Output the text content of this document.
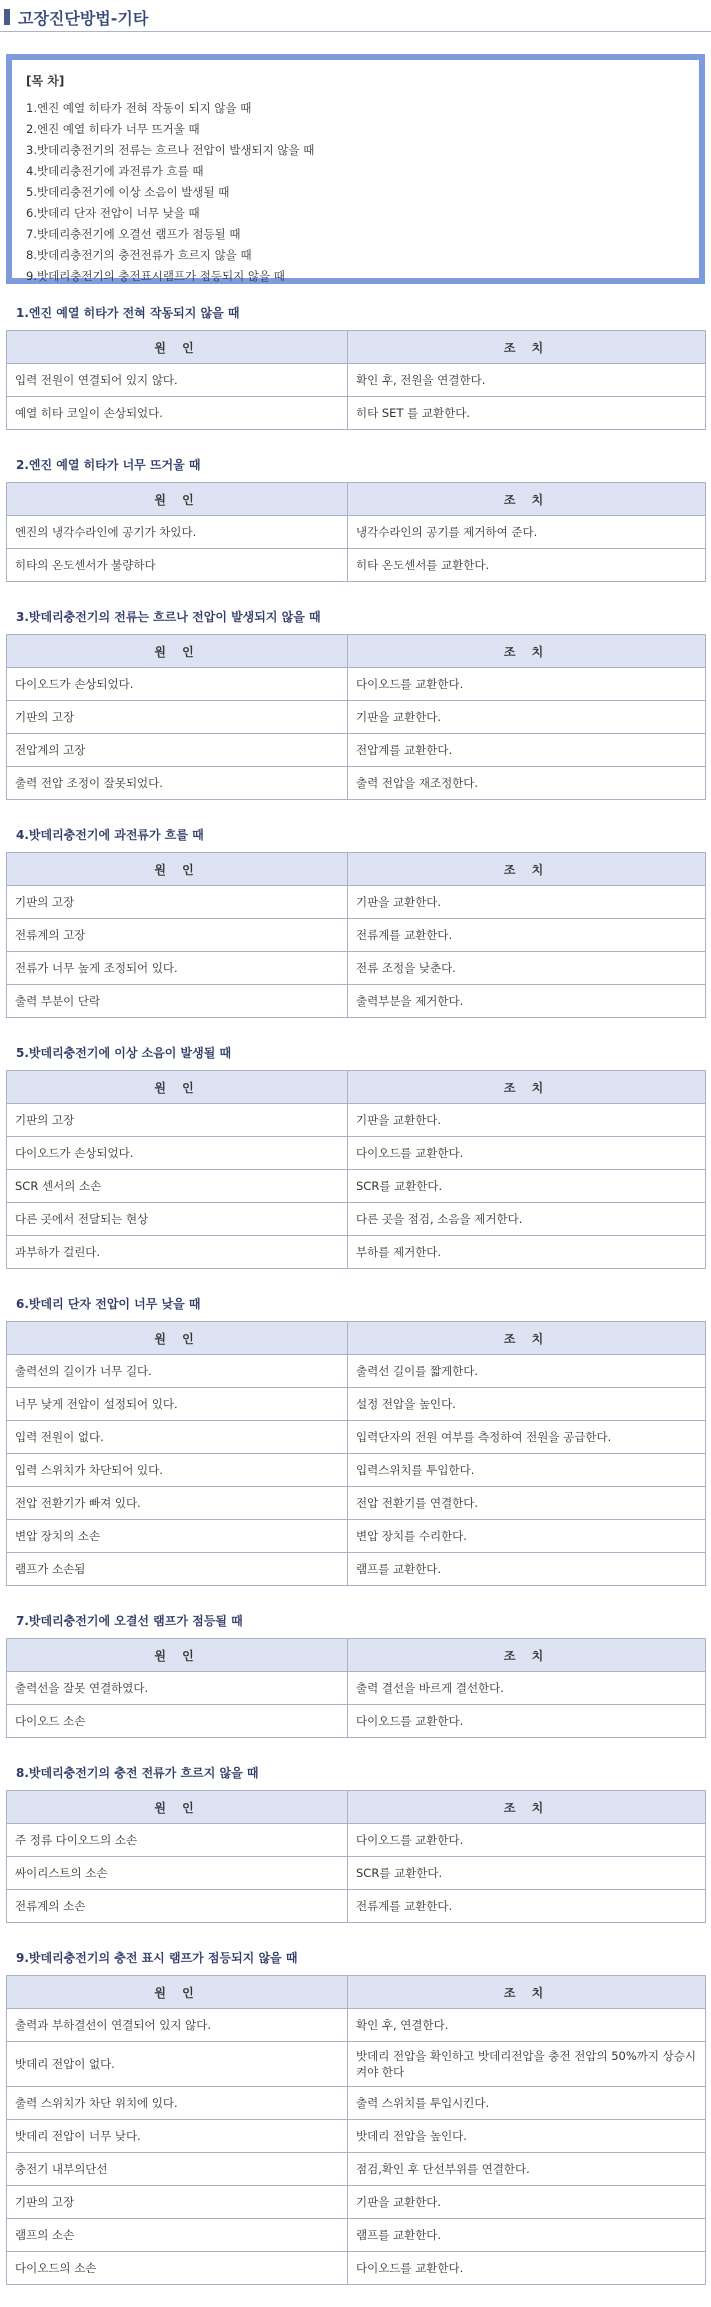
고장진단방법-기타
[목 차]
1.엔진 예열 히타가 전혀 작동이 되지 않을 때
2.엔진 예열 히타가 너무 뜨거울 때
3.밧데리충전기의 전류는 흐르나 전압이 발생되지 않을 때
4.밧데리충전기에 과전류가 흐를 때
5.밧데리충전기에 이상 소음이 발생될 때
6.밧데리 단자 전압이 너무 낮을 때
7.밧데리충전기에 오결선 램프가 점등될 때
8.밧데리충전기의 충전전류가 흐르지 않을 때
9.밧데리충전기의 충전표시램프가 점등되지 않을 때
1.엔진 예열 히타가 전혀 작동되지 않을 때
원 인	조 치
입력 전원이 연결되어 있지 않다.	확인 후, 전원을 연결한다.
예열 히타 코일이 손상되었다.	히타 SET 를 교환한다.
2.엔진 예열 히타가 너무 뜨거울 때
원 인	조 치
엔진의 냉각수라인에 공기가 차있다.	냉각수라인의 공기를 제거하여 준다.
히타의 온도센서가 불량하다	히타 온도센서를 교환한다.
3.밧데리충전기의 전류는 흐르나 전압이 발생되지 않을 때
원 인	조 치
다이오드가 손상되었다.	다이오드를 교환한다.
기판의 고장	기판을 교환한다.
전압계의 고장	전압계를 교환한다.
출력 전압 조정이 잘못되었다.	출력 전압을 재조정한다.
4.밧데리충전기에 과전류가 흐를 때
원 인	조 치
기판의 고장	기판을 교환한다.
전류계의 고장	전류계를 교환한다.
전류가 너무 높게 조정되어 있다.	전류 조정을 낮춘다.
출력 부분이 단락	출력부분을 제거한다.
5.밧데리충전기에 이상 소음이 발생될 때
원 인	조 치
기판의 고장	기판을 교환한다.
다이오드가 손상되었다.	다이오드를 교환한다.
SCR 센서의 소손	SCR를 교환한다.
다른 곳에서 전달되는 현상	다른 곳을 점검, 소음을 제거한다.
과부하가 걸린다.	부하를 제거한다.
6.밧데리 단자 전압이 너무 낮을 때
원 인	조 치
출력선의 길이가 너무 길다.	출력선 길이를 짧게한다.
너무 낮게 전압이 설정되어 있다.	설정 전압을 높인다.
입력 전원이 없다.	입력단자의 전원 여부를 측정하여 전원을 공급한다.
입력 스위치가 차단되어 있다.	입력스위치를 투입한다.
전압 전환기가 빠져 있다.	전압 전환기를 연결한다.
변압 장치의 소손	변압 장치를 수리한다.
램프가 소손됨	램프를 교환한다.
7.밧데리충전기에 오결선 램프가 점등될 때
원 인	조 치
출력선을 잘못 연결하였다.	출력 결선을 바르게 결선한다.
다이오드 소손	다이오드를 교환한다.
8.밧데리충전기의 충전 전류가 흐르지 않을 때
원 인	조 치
주 정류 다이오드의 소손	다이오드를 교환한다.
싸이리스트의 소손	SCR를 교환한다.
전류계의 소손	전류계를 교환한다.
9.밧데리충전기의 충전 표시 램프가 점등되지 않을 때
원 인	조 치
출력과 부하결선이 연결되어 있지 않다.	확인 후, 연결한다.
밧데리 전압이 없다.	밧데리 전압을 확인하고 밧데리전압을 충전 전압의 50%까지 상승시켜야 한다
출력 스위치가 차단 위치에 있다.	출력 스위치를 투입시킨다.
밧데리 전압이 너무 낮다.	밧데리 전압을 높인다.
충전기 내부의단선	점검,확인 후 단선부위를 연결한다.
기판의 고장	기판을 교환한다.
램프의 소손	램프를 교환한다.
다이오드의 소손	다이오드를 교환한다.
